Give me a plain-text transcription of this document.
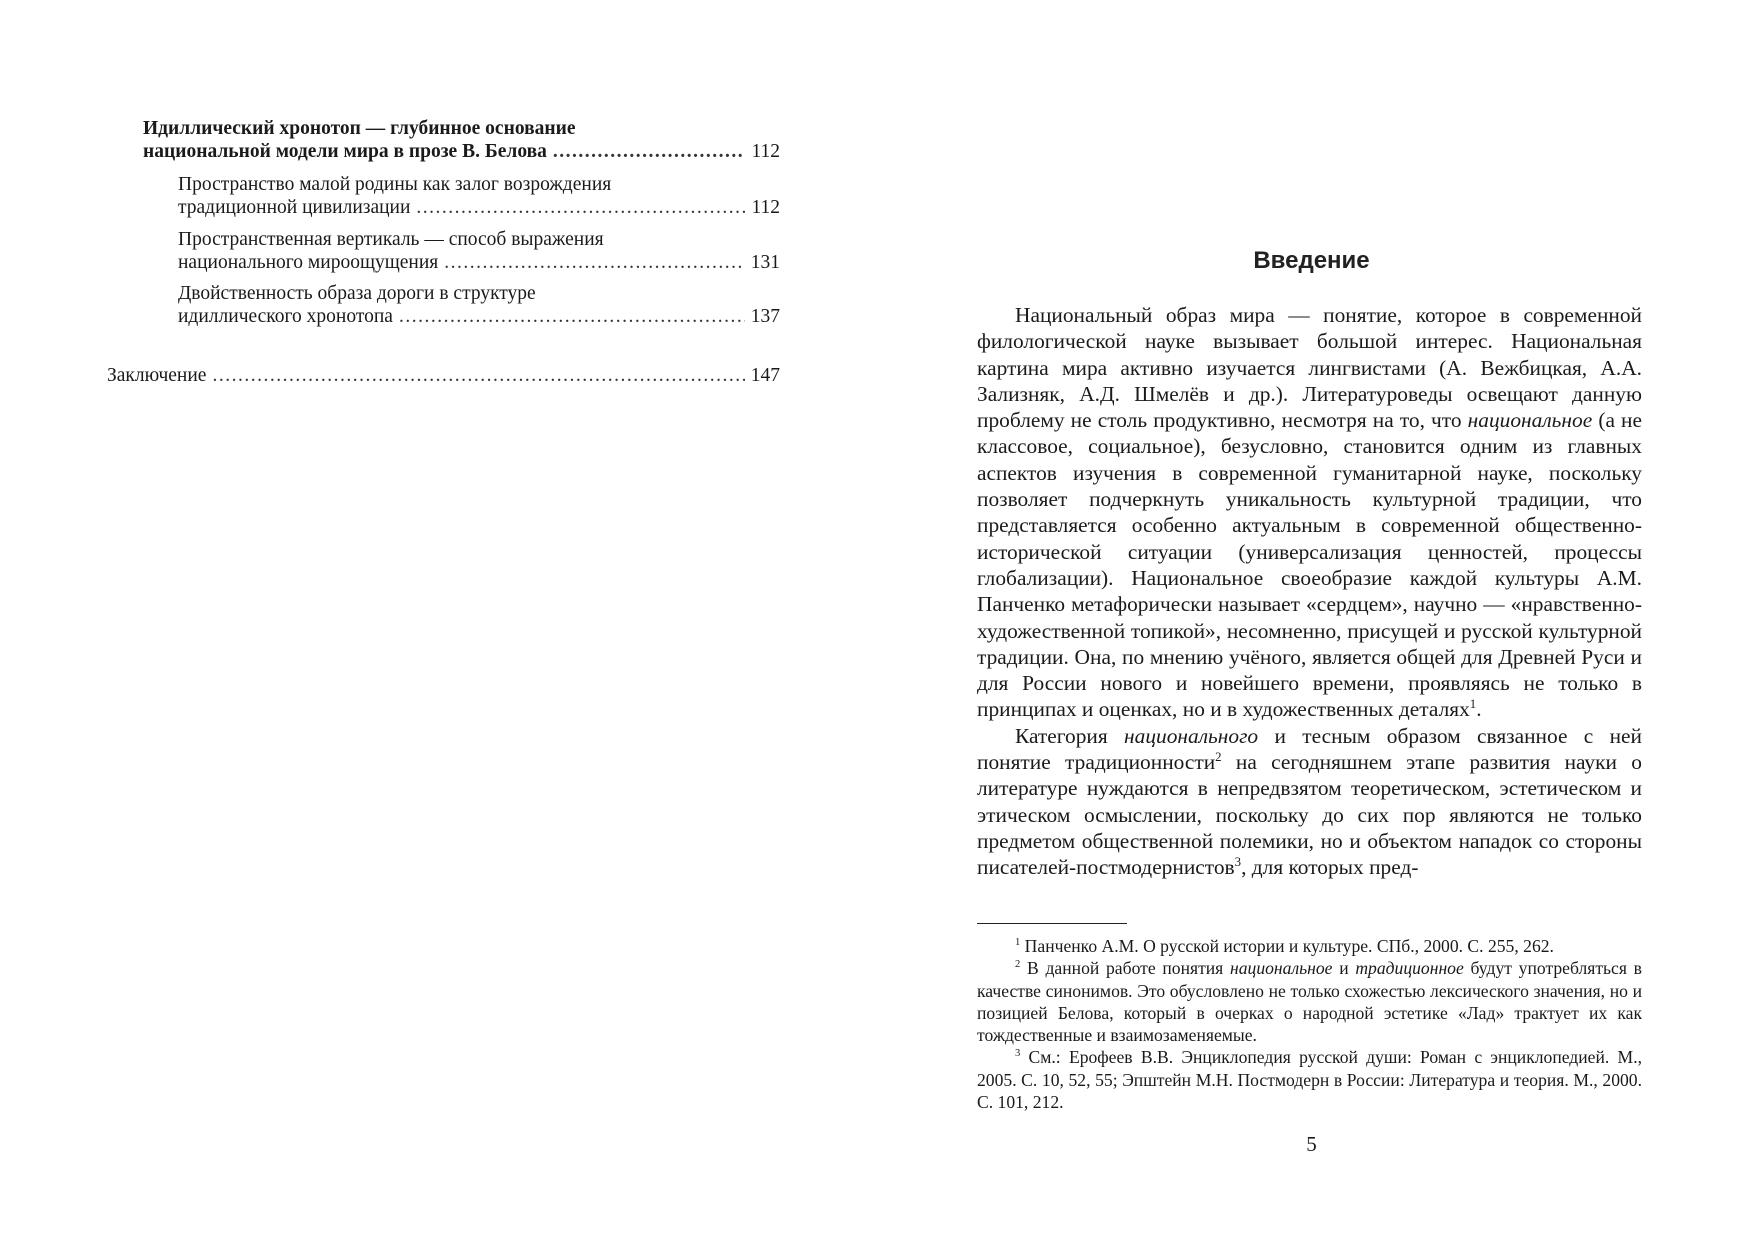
Идиллический хронотоп — глубинное основание
национальной модели мира в прозе В. Белова .....	112
Пространство малой родины как залог возрождения
традиционной цивилизации .....	112
Пространственная вертикаль — способ выражения
национального мироощущения .....	131
Двойственность образа дороги в структуре
идиллического хронотопа .....	137
Заключение .....	147
Введение

Национальный образ мира — понятие, которое в современной филологической науке вызывает большой интерес. Национальная картина мира активно изучается лингвистами (А. Вежбицкая, А.А. Зализняк, А.Д. Шмелёв и др.). Литературоведы освещают данную проблему не столь продуктивно, несмотря на то, что национальное (а не классовое, социальное), безусловно, становится одним из главных аспектов изучения в современной гуманитарной науке, поскольку позволяет подчеркнуть уникальность культурной традиции, что представляется особенно актуальным в современной общественно-исторической ситуации (универсализация ценностей, процессы глобализации). Национальное своеобразие каждой культуры А.М. Панченко метафорически называет «сердцем», научно — «нравственно-художественной топикой», несомненно, присущей и русской культурной традиции. Она, по мнению учёного, является общей для Древней Руси и для России нового и новейшего времени, проявляясь не только в принципах и оценках, но и в художественных деталях$^1$.

Категория национального и тесным образом связанное с ней понятие традиционности$^2$ на сегодняшнем этапе развития науки о литературе нуждаются в непредвзятом теоретическом, эстетическом и этическом осмыслении, поскольку до сих пор являются не только предметом общественной полемики, но и объектом нападок со стороны писателей-постмодернистов$^3$, для которых пред-

$^1$ Панченко А.М. О русской истории и культуре. СПб., 2000. С. 255, 262.

$^2$ В данной работе понятия национальное и традиционное будут употребляться в качестве синонимов. Это обусловлено не только схожестью лексического значения, но и позицией Белова, который в очерках о народной эстетике «Лад» трактует их как тождественные и взаимозаменяемые.

$^3$ См.: Ерофеев В.В. Энциклопедия русской души: Роман с энциклопедией. М., 2005. С. 10, 52, 55; Эпштейн М.Н. Постмодерн в России: Литература и теория. М., 2000. С. 101, 212.

5
